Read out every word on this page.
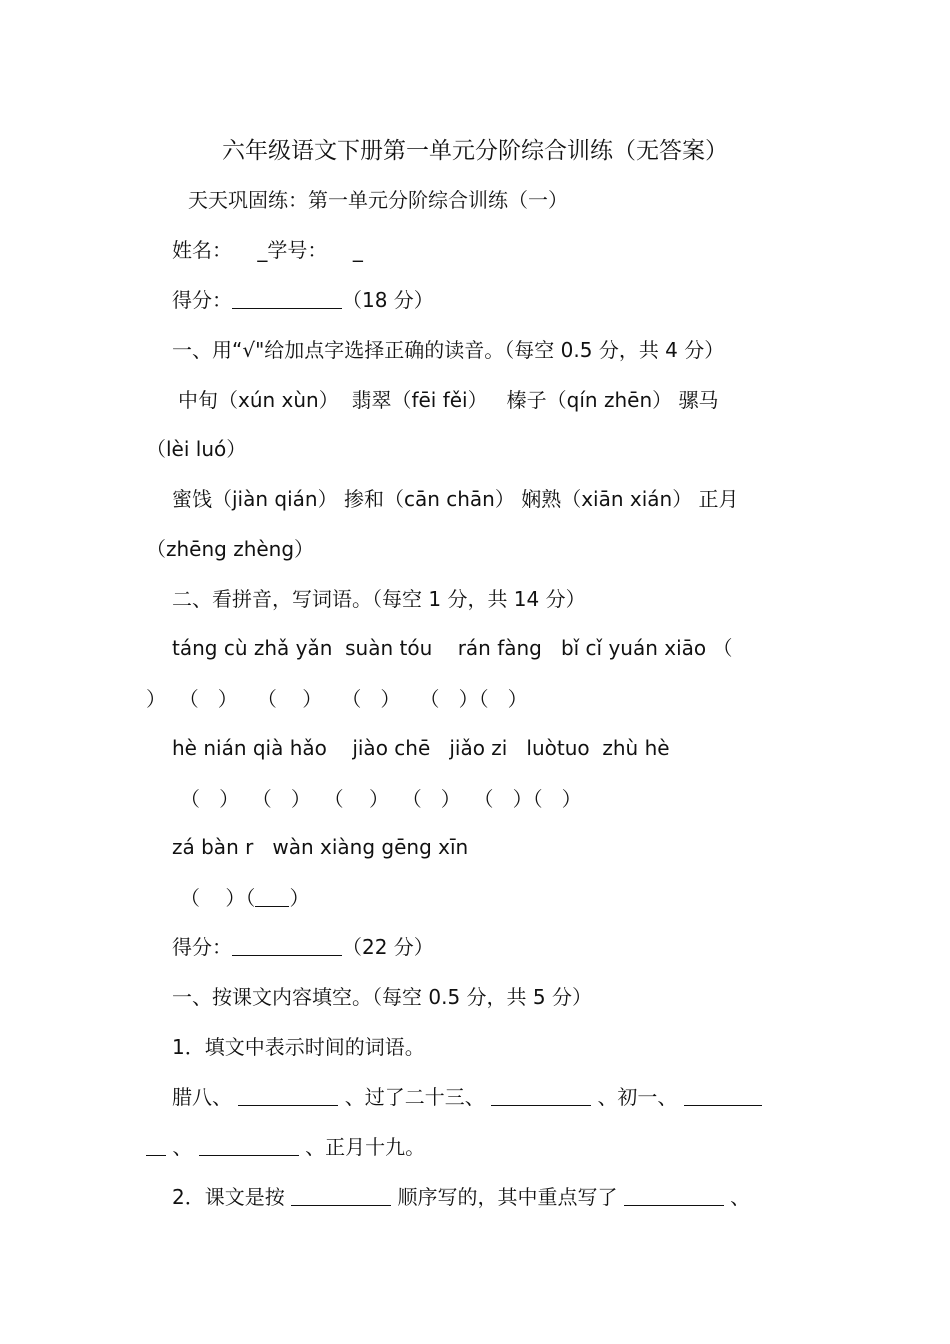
六年级语文下册第一单元分阶综合训练（无答案）
天天巩固练：第一单元分阶综合训练（一）
姓名：    _学号：    _
得分：	（18 分）
一、用“√"给加点字选择正确的读音。（每空 0.5 分，共 4 分）
中旬（xún xùn）  翡翠（fēi fěi）   榛子（qín zhēn） 骡马
（lèi luó）
蜜饯（jiàn qián） 掺和（cān chān） 娴熟（xiān xián） 正月
（zhēng zhèng）
二、看拼音，写词语。（每空 1 分，共 14 分）
táng cù zhǎ yǎn  suàn tóu    rán fàng   bǐ cǐ yuán xiāo （
）  （   ）   （    ）   （   ）   （   ）（   ）
hè nián qià hǎo    jiào chē   jiǎo zi   luòtuo  zhù hè
（   ）  （   ）  （    ）  （   ）  （   ）（   ）
zá bàn r   wàn xiàng gēng xīn
（    ）（ ）
得分：	（22 分）
一、按课文内容填空。（每空 0.5 分，共 5 分）
1．填文中表示时间的词语。
腊八、	、过了二十三、	、初一、
、	、正月十九。
2．课文是按	顺序写的，其中重点写了	、
